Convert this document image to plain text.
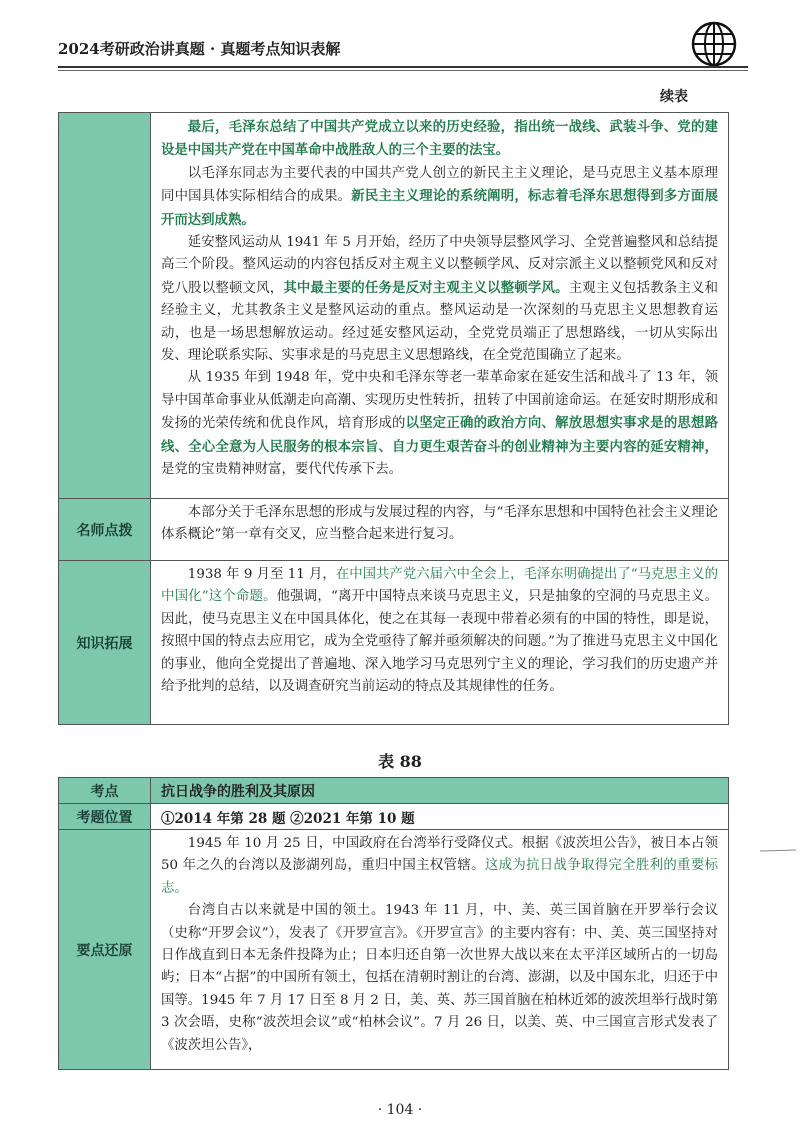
2024考研政治讲真题 · 真题考点知识表解
续表

	最后，毛泽东总结了中国共产党成立以来的历史经验，指出统一战线、武装斗争、党的建设是中国共产党在中国革命中战胜敌人的三个主要的法宝。

以毛泽东同志为主要代表的中国共产党人创立的新民主主义理论，是马克思主义基本原理同中国具体实际相结合的成果。新民主主义理论的系统阐明，标志着毛泽东思想得到多方面展开而达到成熟。

延安整风运动从 1941 年 5 月开始，经历了中央领导层整风学习、全党普遍整风和总结提高三个阶段。整风运动的内容包括反对主观主义以整顿学风、反对宗派主义以整顿党风和反对党八股以整顿文风，其中最主要的任务是反对主观主义以整顿学风。主观主义包括教条主义和经验主义，尤其教条主义是整风运动的重点。整风运动是一次深刻的马克思主义思想教育运动，也是一场思想解放运动。经过延安整风运动，全党党员端正了思想路线，一切从实际出发、理论联系实际、实事求是的马克思主义思想路线，在全党范围确立了起来。

从 1935 年到 1948 年，党中央和毛泽东等老一辈革命家在延安生活和战斗了 13 年，领导中国革命事业从低潮走向高潮、实现历史性转折，扭转了中国前途命运。在延安时期形成和发扬的光荣传统和优良作风，培育形成的以坚定正确的政治方向、解放思想实事求是的思想路线、全心全意为人民服务的根本宗旨、自力更生艰苦奋斗的创业精神为主要内容的延安精神，是党的宝贵精神财富，要代代传承下去。

名师点拨	本部分关于毛泽东思想的形成与发展过程的内容，与“毛泽东思想和中国特色社会主义理论体系概论”第一章有交叉，应当整合起来进行复习。

知识拓展	1938 年 9 月至 11 月，在中国共产党六届六中全会上，毛泽东明确提出了“马克思主义的中国化”这个命题。他强调，“离开中国特点来谈马克思主义，只是抽象的空洞的马克思主义。因此，使马克思主义在中国具体化，使之在其每一表现中带着必须有的中国的特性，即是说，按照中国的特点去应用它，成为全党亟待了解并亟须解决的问题。”为了推进马克思主义中国化的事业，他向全党提出了普遍地、深入地学习马克思列宁主义的理论，学习我们的历史遗产并给予批判的总结，以及调查研究当前运动的特点及其规律性的任务。

表 88
考点	抗日战争的胜利及其原因
考题位置	①2014 年第 28 题 ②2021 年第 10 题
要点还原	1945 年 10 月 25 日，中国政府在台湾举行受降仪式。根据《波茨坦公告》，被日本占领 50 年之久的台湾以及澎湖列岛，重归中国主权管辖。这成为抗日战争取得完全胜利的重要标志。

台湾自古以来就是中国的领土。1943 年 11 月，中、美、英三国首脑在开罗举行会议（史称“开罗会议”），发表了《开罗宣言》。《开罗宣言》的主要内容有：中、美、英三国坚持对日作战直到日本无条件投降为止；日本归还自第一次世界大战以来在太平洋区域所占的一切岛屿；日本“占据”的中国所有领土，包括在清朝时割让的台湾、澎湖，以及中国东北，归还于中国等。1945 年 7 月 17 日至 8 月 2 日，美、英、苏三国首脑在柏林近郊的波茨坦举行战时第 3 次会晤，史称“波茨坦会议”或“柏林会议”。7 月 26 日，以美、英、中三国宣言形式发表了《波茨坦公告》，

· 104 ·
